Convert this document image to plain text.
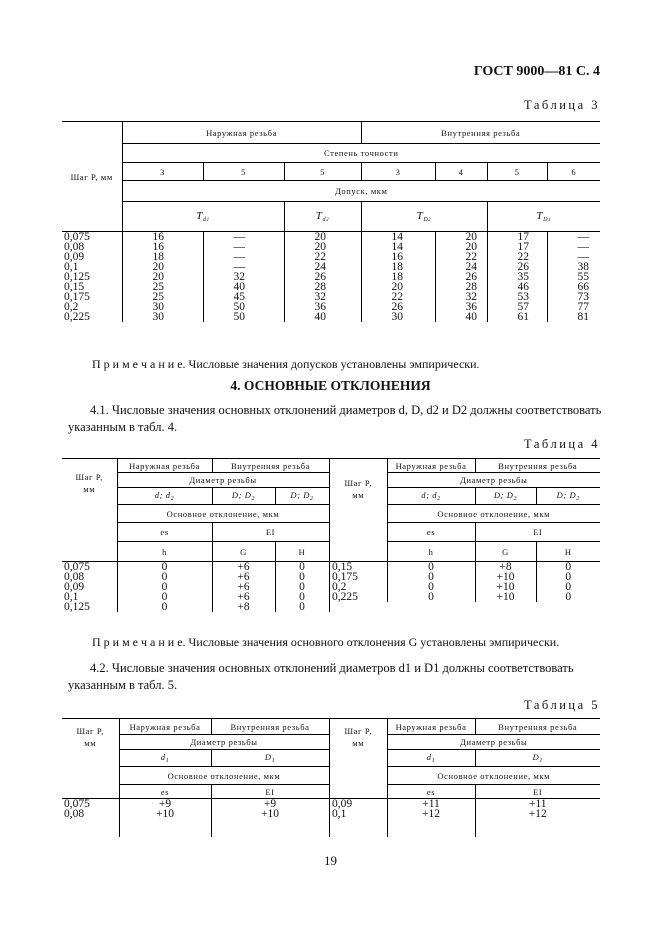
ГОСТ 9000—81 С. 4
Таблица 3
Шаг P, мм	Наружная резьба			Внутренняя резьба			
	Степень точности						
	3	5	5	3	4	5	6
	Допуск, мкм						
	$T_{d1}$		$T_{d2}$	$T_{D2}$		$T_{D1}$
0,075	16	—	20	14	20	17	—
0,08	16	—	20	14	20	17	—
0,09	18	—	22	16	22	22	—
0,1	20	—	24	18	24	26	38
0,125	20	32	26	18	26	35	55
0,15	25	40	28	20	28	46	66
0,175	25	45	32	22	32	53	73
0,2	30	50	36	26	36	57	77
0,225	30	50	40	30	40	61	81
П р и м е ч а н и е. Числовые значения допусков установлены эмпирически.
4. ОСНОВНЫЕ ОТКЛОНЕНИЯ

4.1. Числовые значения основных отклонений диаметров d, D, d2 и D2 должны соответствовать указанным в табл. 4.

Таблица 4
Шаг P,
мм	Наружная резьба	Внутренняя резьба	
	Диаметр резьбы		
	d; $d_2$	D; $D_2$	D; $D_2$
	Основное отклонение, мкм		
	es	EI	
	h	G	H
0,075	0	+6	0
0,08	0	+6	0
0,09	0	+6	0
0,1	0	+6	0
0,125	0	+8	0
Шаг P,
мм	Наружная резьба	Внутренняя резьба	
	Диаметр резьбы		
	d; $d_2$	D; $D_2$	D; $D_2$
	Основное отклонение, мкм		
	es	EI	
	h	G	H
0,15	0	+8	0
0,175	0	+10	0
0,2	0	+10	0
0,225	0	+10	0
П р и м е ч а н и е. Числовые значения основного отклонения G установлены эмпирически.

4.2. Числовые значения основных отклонений диаметров d1 и D1 должны соответствовать указанным в табл. 5.

Таблица 5
Шаг P,
мм	Наружная резьба	Внутренняя резьба
	Диаметр резьбы	
	$d_1$	$D_1$
	Основное отклонение, мкм	
	es	EI
0,075	+9	+9
0,08	+10	+10

Шаг P,
мм	Наружная резьба	Внутренняя резьба
	Диаметр резьбы	
	$d_1$	$D_1$
	Основное отклонение, мкм	
	es	EI
0,09	+11	+11
0,1	+12	+12

19
